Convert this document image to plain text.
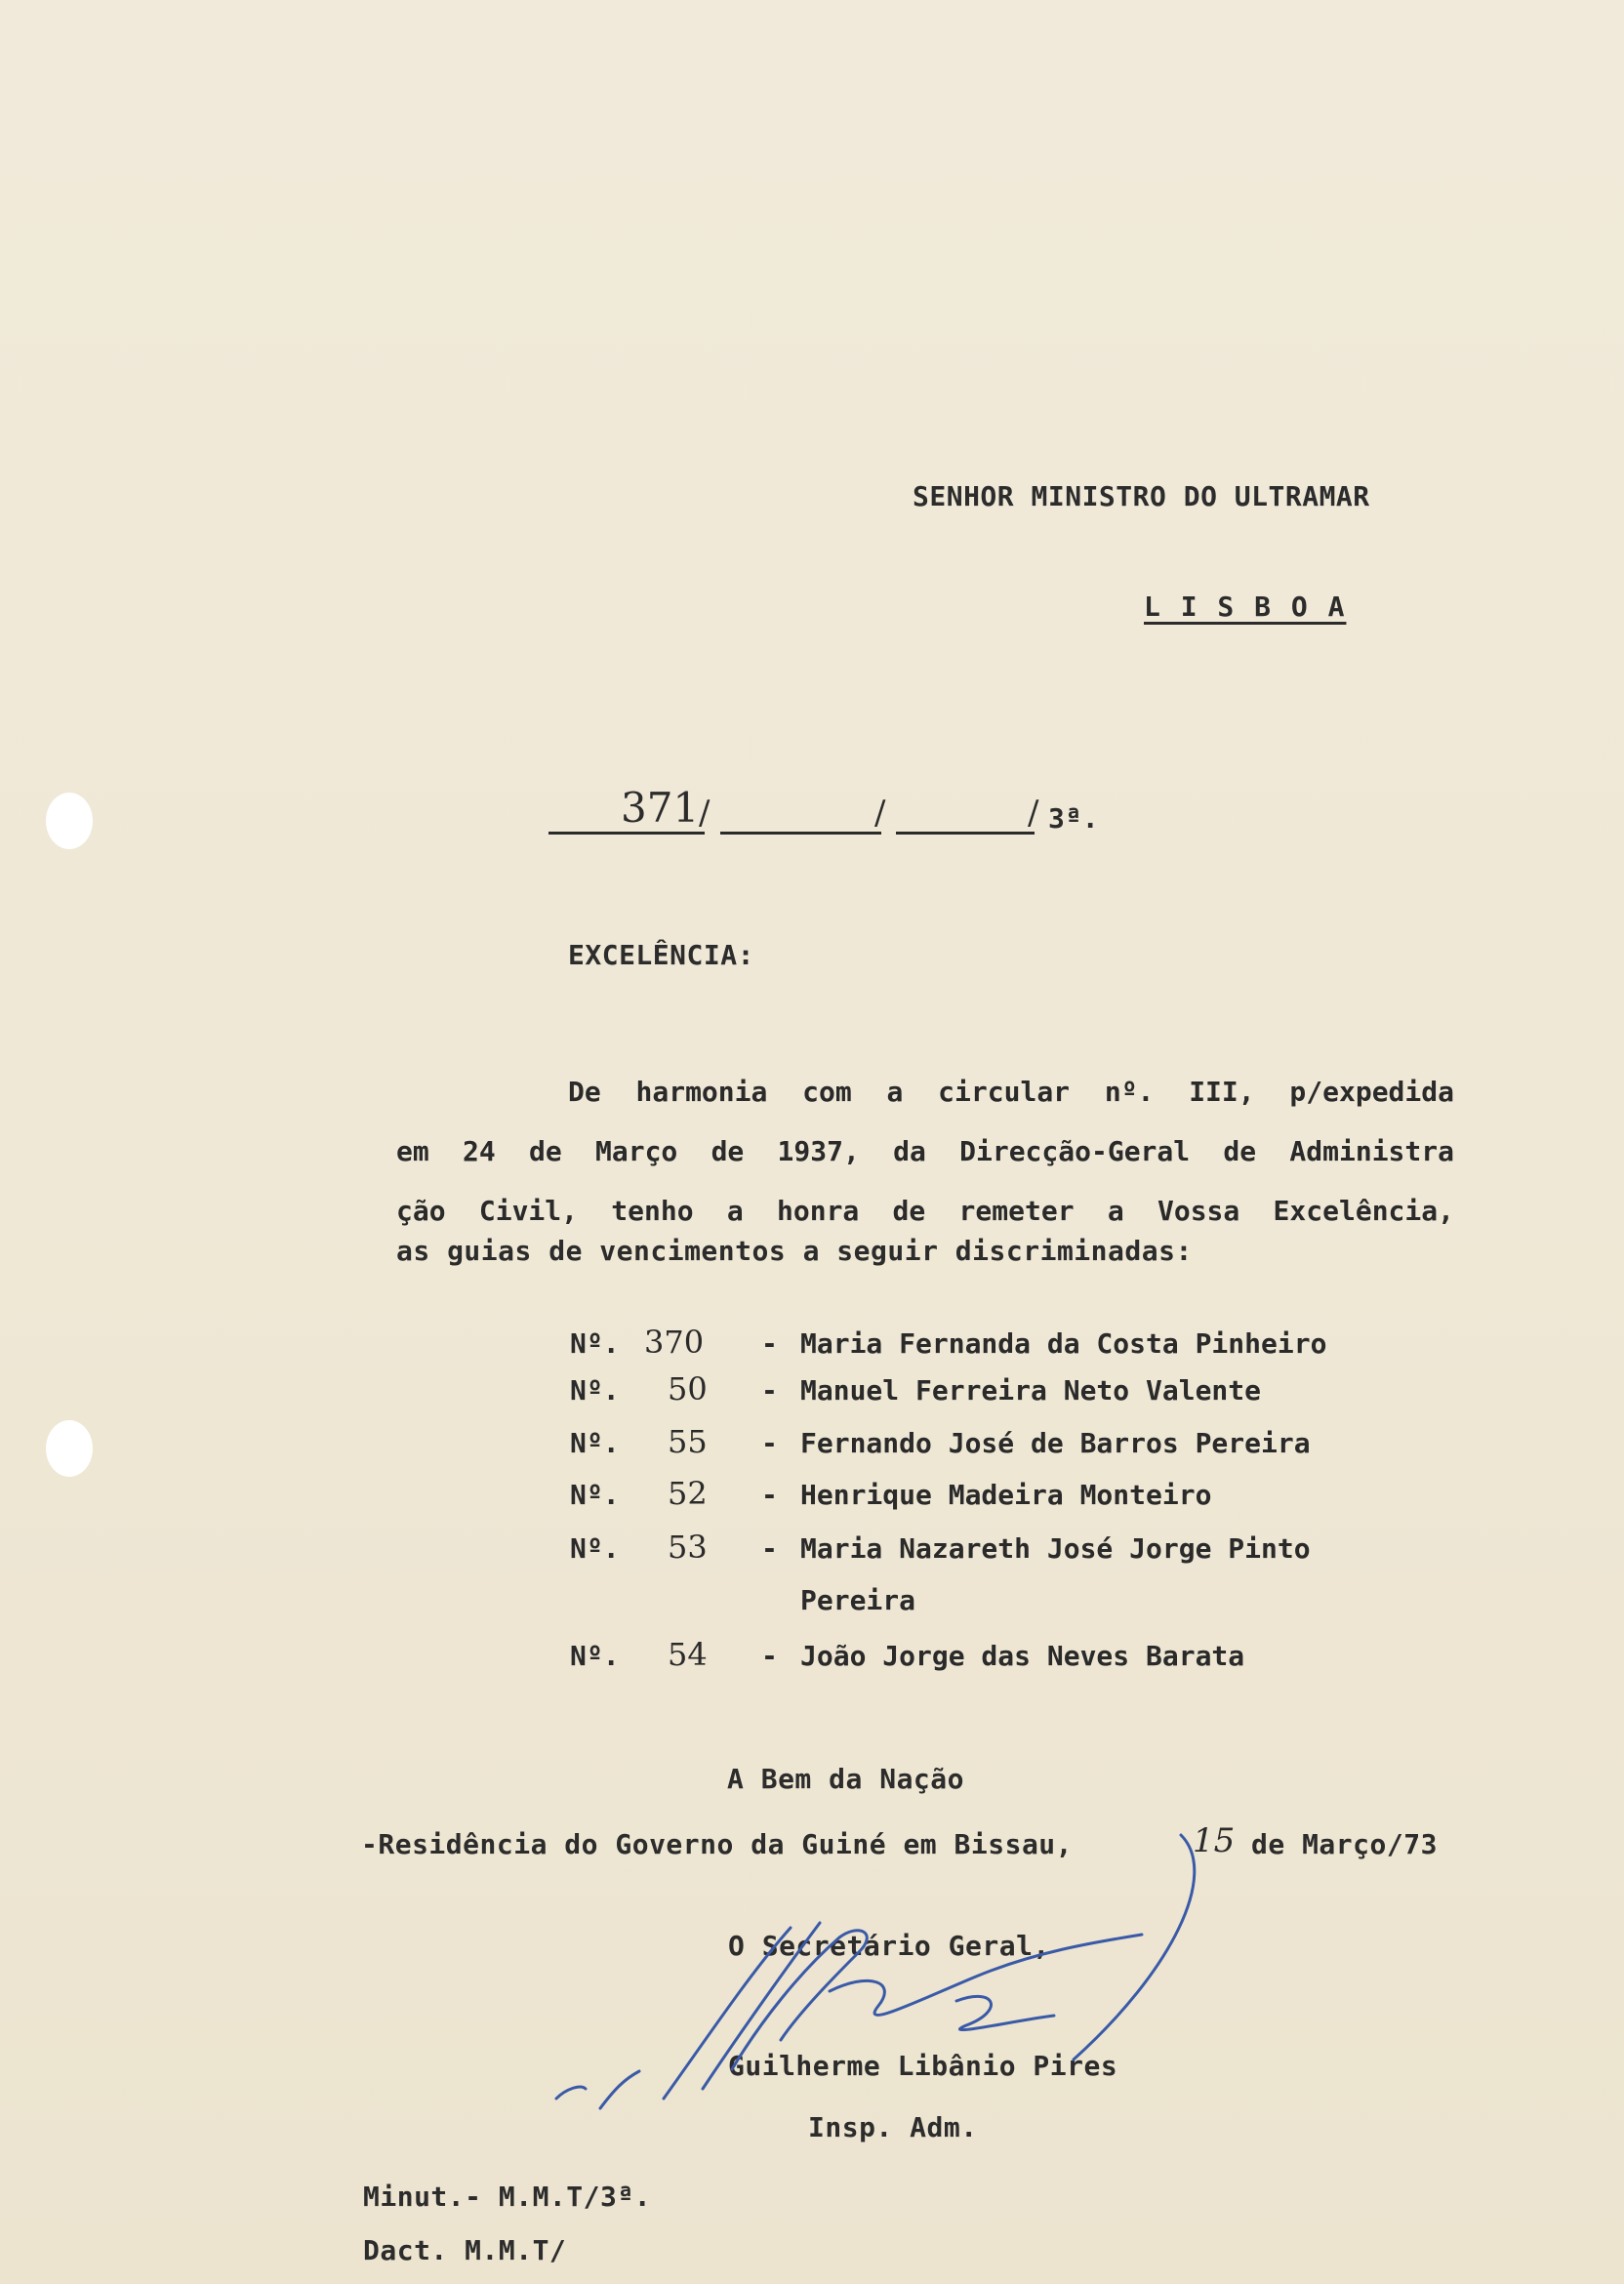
SENHOR MINISTRO DO ULTRAMAR
L I S B O A
371 /	/	/ 3ª.
EXCELÊNCIA:
De harmonia com a circular nº. III, p/expedida
em 24 de Março de 1937, da Direcção-Geral de Administra
ção Civil, tenho a honra de remeter a Vossa Excelência,
as guias de vencimentos a seguir discriminadas:
Nº. 370 - Maria Fernanda da Costa Pinheiro
Nº. 50 - Manuel Ferreira Neto Valente
Nº. 55 - Fernando José de Barros Pereira
Nº. 52 - Henrique Madeira Monteiro
Nº. 53 - Maria Nazareth José Jorge Pinto
Pereira
Nº. 54 - João Jorge das Neves Barata
A Bem da Nação
-Residência do Governo da Guiné em Bissau,	15 de Março/73
O Secretário Geral,
Guilherme Libânio Pires
Insp. Adm.
Minut.- M.M.T/3ª.
Dact. M.M.T/
